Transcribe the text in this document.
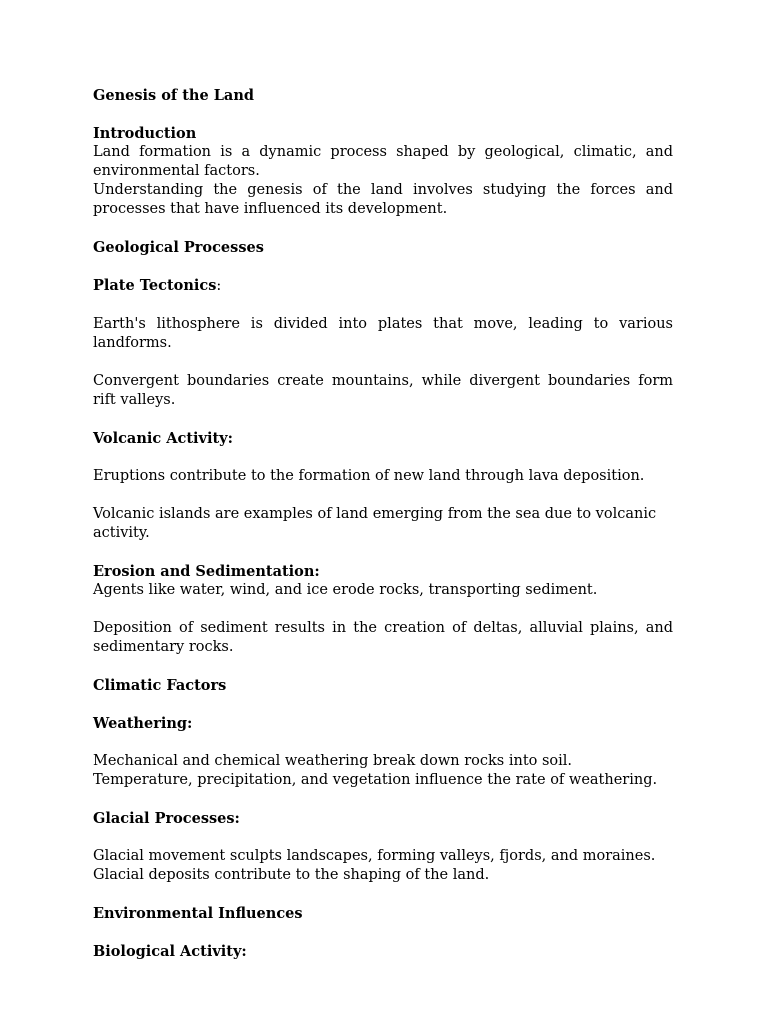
Genesis of the Land

Introduction

Land formation is a dynamic process shaped by geological, climatic, and environmental factors.

Understanding the genesis of the land involves studying the forces and processes that have influenced its development.

Geological Processes

Plate Tectonics:

Earth's lithosphere is divided into plates that move, leading to various landforms.

Convergent boundaries create mountains, while divergent boundaries form rift valleys.

Volcanic Activity:

Eruptions contribute to the formation of new land through lava deposition.

Volcanic islands are examples of land emerging from the sea due to volcanic activity.

Erosion and Sedimentation:

Agents like water, wind, and ice erode rocks, transporting sediment.

Deposition of sediment results in the creation of deltas, alluvial plains, and sedimentary rocks.

Climatic Factors

Weathering:

Mechanical and chemical weathering break down rocks into soil.

Temperature, precipitation, and vegetation influence the rate of weathering.

Glacial Processes:

Glacial movement sculpts landscapes, forming valleys, fjords, and moraines.

Glacial deposits contribute to the shaping of the land.

Environmental Influences

Biological Activity:
